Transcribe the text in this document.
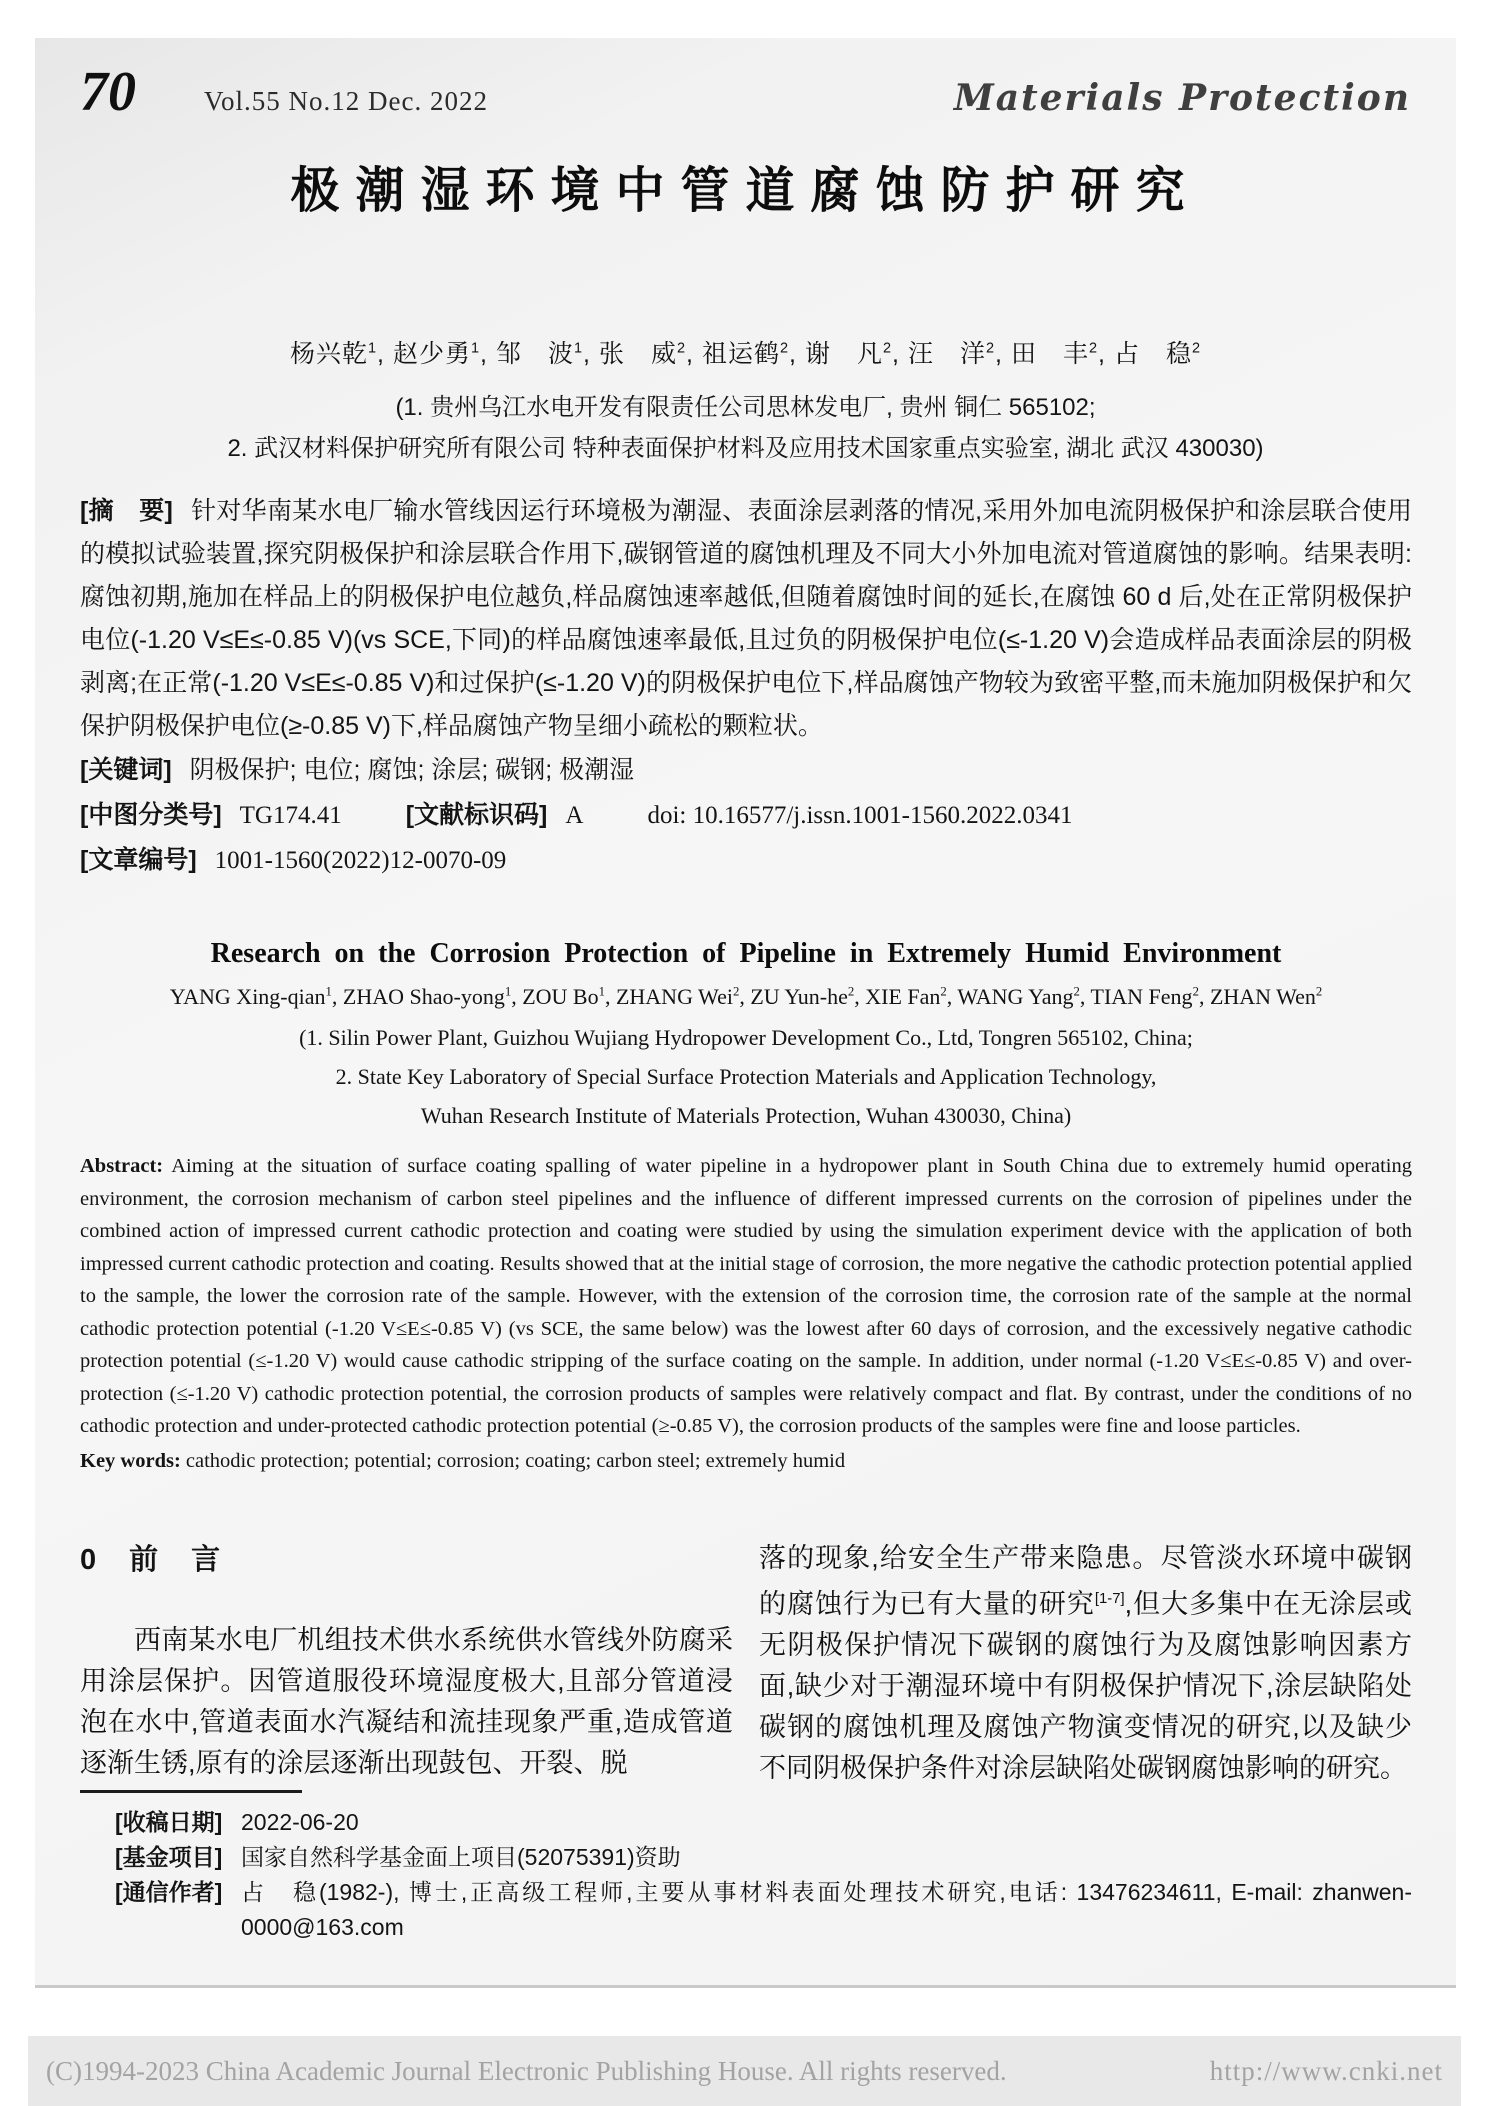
70	Vol.55 No.12 Dec. 2022	Materials Protection
极潮湿环境中管道腐蚀防护研究
杨兴乾$^1$, 赵少勇$^1$, 邹　波$^1$, 张　威$^2$, 祖运鹤$^2$, 谢　凡$^2$, 汪　洋$^2$, 田　丰$^2$, 占　稳$^2$
(1. 贵州乌江水电开发有限责任公司思林发电厂, 贵州 铜仁 565102;
2. 武汉材料保护研究所有限公司 特种表面保护材料及应用技术国家重点实验室, 湖北 武汉 430030)

[摘　要] 针对华南某水电厂输水管线因运行环境极为潮湿、表面涂层剥落的情况,采用外加电流阴极保护和涂层联合使用的模拟试验装置,探究阴极保护和涂层联合作用下,碳钢管道的腐蚀机理及不同大小外加电流对管道腐蚀的影响。结果表明:腐蚀初期,施加在样品上的阴极保护电位越负,样品腐蚀速率越低,但随着腐蚀时间的延长,在腐蚀 60 d 后,处在正常阴极保护电位(-1.20 V≤E≤-0.85 V)(vs SCE,下同)的样品腐蚀速率最低,且过负的阴极保护电位(≤-1.20 V)会造成样品表面涂层的阴极剥离;在正常(-1.20 V≤E≤-0.85 V)和过保护(≤-1.20 V)的阴极保护电位下,样品腐蚀产物较为致密平整,而未施加阴极保护和欠保护阴极保护电位(≥-0.85 V)下,样品腐蚀产物呈细小疏松的颗粒状。

[关键词] 阴极保护; 电位; 腐蚀; 涂层; 碳钢; 极潮湿

[中图分类号] TG174.41	[文献标识码] A	doi: 10.16577/j.issn.1001-1560.2022.0341

[文章编号] 1001-1560(2022)12-0070-09

Research on the Corrosion Protection of Pipeline in Extremely Humid Environment
YANG Xing-qian$^1$, ZHAO Shao-yong$^1$, ZOU Bo$^1$, ZHANG Wei$^2$, ZU Yun-$he^2$, XIE Fan$^2$, WANG Yang$^2$, TIAN Feng$^2$, ZHAN Wen$^2$
(1. Silin Power Plant, Guizhou Wujiang Hydropower Development Co., Ltd, Tongren 565102, China;
2. State Key Laboratory of Special Surface Protection Materials and Application Technology,
Wuhan Research Institute of Materials Protection, Wuhan 430030, China)

Abstract: Aiming at the situation of surface coating spalling of water pipeline in a hydropower plant in South China due to extremely humid operating environment, the corrosion mechanism of carbon steel pipelines and the influence of different impressed currents on the corrosion of pipelines under the combined action of impressed current cathodic protection and coating were studied by using the simulation experiment device with the application of both impressed current cathodic protection and coating. Results showed that at the initial stage of corrosion, the more negative the cathodic protection potential applied to the sample, the lower the corrosion rate of the sample. However, with the extension of the corrosion time, the corrosion rate of the sample at the normal cathodic protection potential (-1.20 V≤E≤-0.85 V) (vs SCE, the same below) was the lowest after 60 days of corrosion, and the excessively negative cathodic protection potential (≤-1.20 V) would cause cathodic stripping of the surface coating on the sample. In addition, under normal (-1.20 V≤E≤-0.85 V) and over-protection (≤-1.20 V) cathodic protection potential, the corrosion products of samples were relatively compact and flat. By contrast, under the conditions of no cathodic protection and under-protected cathodic protection potential (≥-0.85 V), the corrosion products of the samples were fine and loose particles.

Key words: cathodic protection; potential; corrosion; coating; carbon steel; extremely humid

0　前　言

西南某水电厂机组技术供水系统供水管线外防腐采用涂层保护。因管道服役环境湿度极大,且部分管道浸泡在水中,管道表面水汽凝结和流挂现象严重,造成管道逐渐生锈,原有的涂层逐渐出现鼓包、开裂、脱

落的现象,给安全生产带来隐患。尽管淡水环境中碳钢的腐蚀行为已有大量的研究[1-7],但大多集中在无涂层或无阴极保护情况下碳钢的腐蚀行为及腐蚀影响因素方面,缺少对于潮湿环境中有阴极保护情况下,涂层缺陷处碳钢的腐蚀机理及腐蚀产物演变情况的研究,以及缺少不同阴极保护条件对涂层缺陷处碳钢腐蚀影响的研究。

[收稿日期] 2022-06-20
[基金项目] 国家自然科学基金面上项目(52075391)资助
[通信作者] 占　稳(1982-), 博士,正高级工程师,主要从事材料表面处理技术研究,电话: 13476234611, E-mail: zhanwen-0000@163.com
(C)1994-2023 China Academic Journal Electronic Publishing House. All rights reserved.	http://www.cnki.net
